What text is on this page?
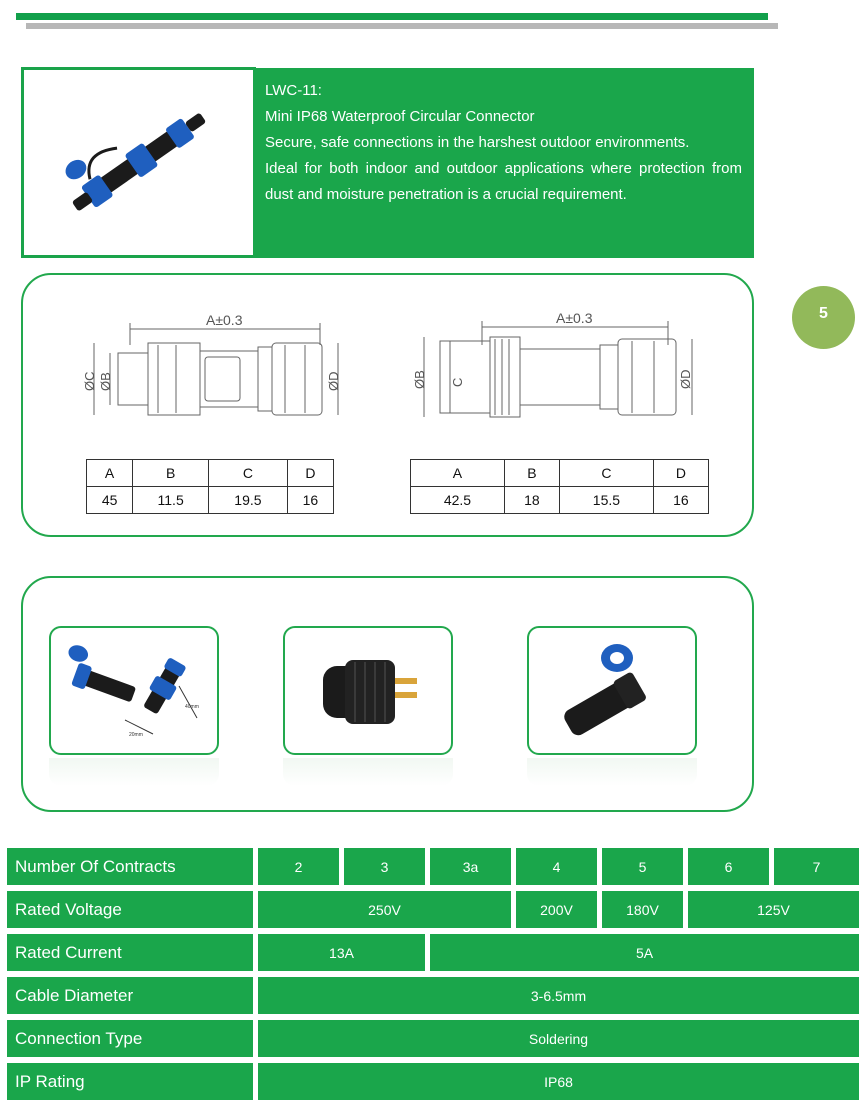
LWC-11:

Mini IP68 Waterproof Circular Connector

Secure, safe connections in the harshest outdoor environments.

Ideal for both indoor and outdoor applications where protection from dust and moisture penetration is a crucial requirement.

5
A±0.3
ØC ØB	ØD
A±0.3
ØB C	ØD
A	B	C	D
45	11.5	19.5	16
A	B	C	D
42.5	18	15.5	16
40mm
20mm
Number Of Contracts	2	3	3a	4	5	6	7
Rated Voltage	250V	200V	180V	125V
Rated Current	13A	5A
Cable Diameter	3-6.5mm
Connection Type	Soldering
IP Rating	IP68
